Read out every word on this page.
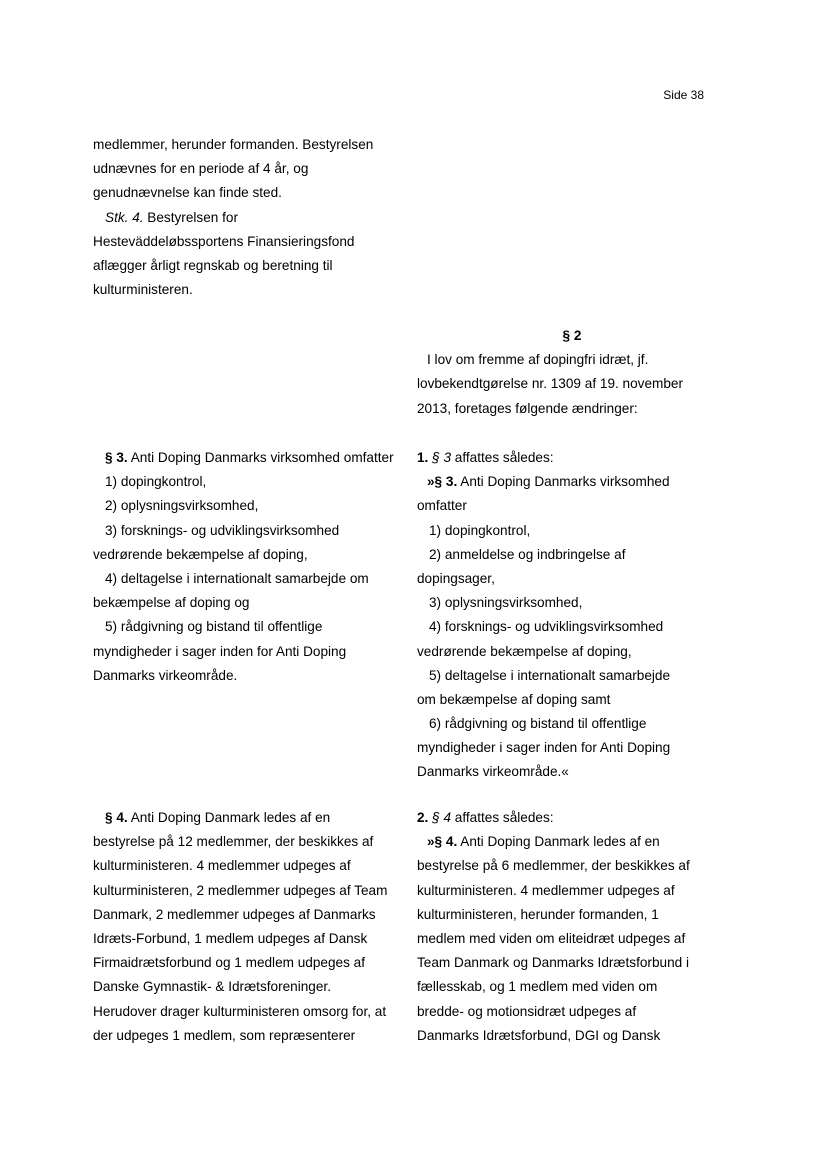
Side 38
medlemmer, herunder formanden. Bestyrelsen
udnævnes for en periode af 4 år, og
genudnævnelse kan finde sted.
Stk. 4. Bestyrelsen for
Hesteväddeløbssportens Finansieringsfond
aflægger årligt regnskab og beretning til
kulturministeren.
§ 2
I lov om fremme af dopingfri idræt, jf.
lovbekendtgørelse nr. 1309 af 19. november
2013, foretages følgende ændringer:
§ 3. Anti Doping Danmarks virksomhed omfatter
1) dopingkontrol,
2) oplysningsvirksomhed,
3) forsknings- og udviklingsvirksomhed
vedrørende bekæmpelse af doping,
4) deltagelse i internationalt samarbejde om
bekæmpelse af doping og
5) rådgivning og bistand til offentlige
myndigheder i sager inden for Anti Doping
Danmarks virkeområde.
1. § 3 affattes således:
»§ 3. Anti Doping Danmarks virksomhed
omfatter
1) dopingkontrol,
2) anmeldelse og indbringelse af
dopingsager,
3) oplysningsvirksomhed,
4) forsknings- og udviklingsvirksomhed
vedrørende bekæmpelse af doping,
5) deltagelse i internationalt samarbejde
om bekæmpelse af doping samt
6) rådgivning og bistand til offentlige
myndigheder i sager inden for Anti Doping
Danmarks virkeområde.«
§ 4. Anti Doping Danmark ledes af en
bestyrelse på 12 medlemmer, der beskikkes af
kulturministeren. 4 medlemmer udpeges af
kulturministeren, 2 medlemmer udpeges af Team
Danmark, 2 medlemmer udpeges af Danmarks
Idræts-Forbund, 1 medlem udpeges af Dansk
Firmaidrætsforbund og 1 medlem udpeges af
Danske Gymnastik- & Idrætsforeninger.
Herudover drager kulturministeren omsorg for, at
der udpeges 1 medlem, som repræsenterer
2. § 4 affattes således:
»§ 4. Anti Doping Danmark ledes af en
bestyrelse på 6 medlemmer, der beskikkes af
kulturministeren. 4 medlemmer udpeges af
kulturministeren, herunder formanden, 1
medlem med viden om eliteidræt udpeges af
Team Danmark og Danmarks Idrætsforbund i
fællesskab, og 1 medlem med viden om
bredde- og motionsidræt udpeges af
Danmarks Idrætsforbund, DGI og Dansk
